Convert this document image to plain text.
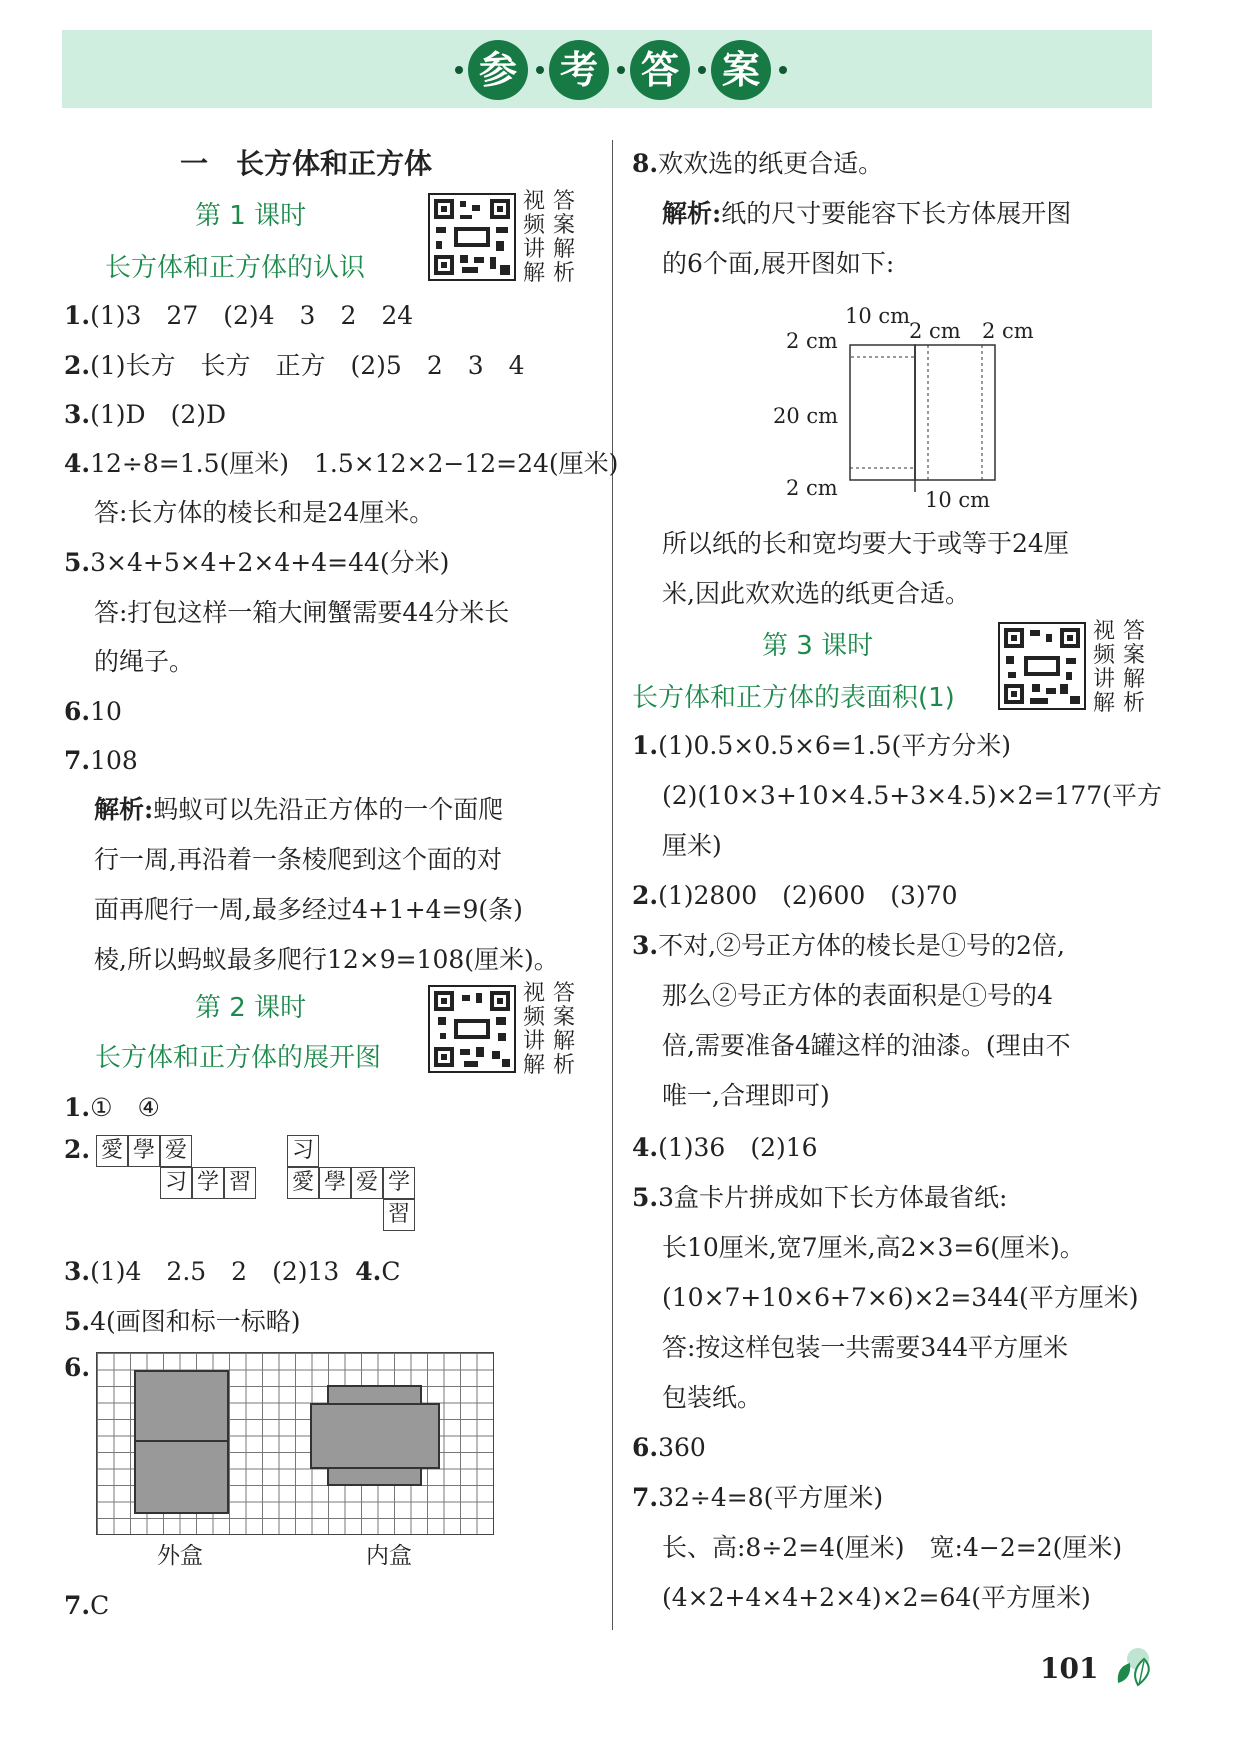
参 考 答 案
一　长方体和正方体
第 1 课时
长方体和正方体的认识
视
频
讲
解
答
案
解
析
1.(1)3　27　(2)4　3　2　24
2.(1)长方　长方　正方　(2)5　2　3　4
3.(1)D　(2)D
4.12÷8=1.5(厘米)　1.5×12×2−12=24(厘米)
答:长方体的棱长和是24厘米。
5.3×4+5×4+2×4+4=44(分米)
答:打包这样一箱大闸蟹需要44分米长
的绳子。
6.10
7.108
解析:蚂蚁可以先沿正方体的一个面爬
行一周,再沿着一条棱爬到这个面的对
面再爬行一周,最多经过4+1+4=9(条)
棱,所以蚂蚁最多爬行12×9=108(厘米)。
第 2 课时
长方体和正方体的展开图
视
频
讲
解
答
案
解
析
1.①　④
2. 愛 學 爱
习 学 習
习
愛 學 爱 学
習
3.(1)4　2.5　2　(2)13 4.C
5.4(画图和标一标略)
6.
外盒	内盒
7.C
8.欢欢选的纸更合适。
解析:纸的尺寸要能容下长方体展开图
的6个面,展开图如下:
10 cm
2 cm 2 cm
2 cm
20 cm
2 cm	10 cm
所以纸的长和宽均要大于或等于24厘
米,因此欢欢选的纸更合适。
第 3 课时
长方体和正方体的表面积(1)
视
频
讲
解
答
案
解
析
1.(1)0.5×0.5×6=1.5(平方分米)
(2)(10×3+10×4.5+3×4.5)×2=177(平方
厘米)
2.(1)2800　(2)600　(3)70
3.不对,②号正方体的棱长是①号的2倍,
那么②号正方体的表面积是①号的4
倍,需要准备4罐这样的油漆。(理由不
唯一,合理即可)
4.(1)36　(2)16
5.3盒卡片拼成如下长方体最省纸:
长10厘米,宽7厘米,高2×3=6(厘米)。
(10×7+10×6+7×6)×2=344(平方厘米)
答:按这样包装一共需要344平方厘米
包装纸。
6.360
7.32÷4=8(平方厘米)
长、高:8÷2=4(厘米)　宽:4−2=2(厘米)
(4×2+4×4+2×4)×2=64(平方厘米)
101
